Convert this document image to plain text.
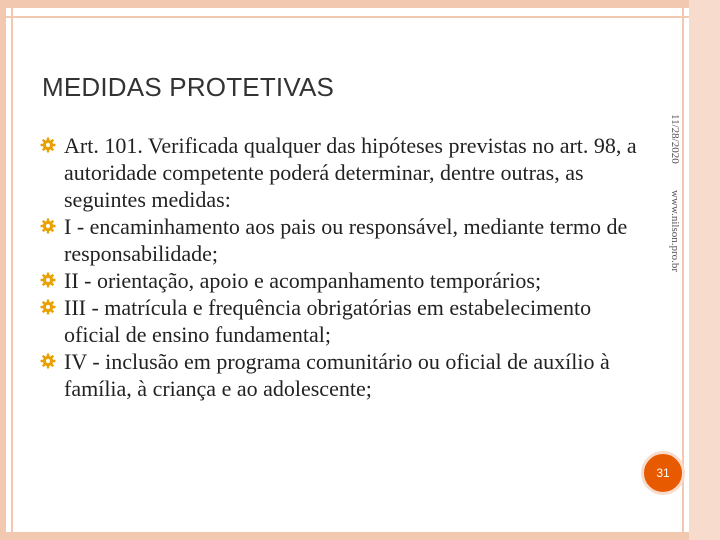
MEDIDAS PROTETIVAS

Art. 101. Verificada qualquer das hipóteses previstas no art. 98, a autoridade competente poderá determinar, dentre outras, as seguintes medidas:

I - encaminhamento aos pais ou responsável, mediante termo de responsabilidade;

II - orientação, apoio e acompanhamento temporários;

III - matrícula e frequência obrigatórias em estabelecimento oficial de ensino fundamental;

IV - inclusão em programa comunitário ou oficial de auxílio à família, à criança e ao adolescente;

11/28/2020
www.nilson.pro.br
31
